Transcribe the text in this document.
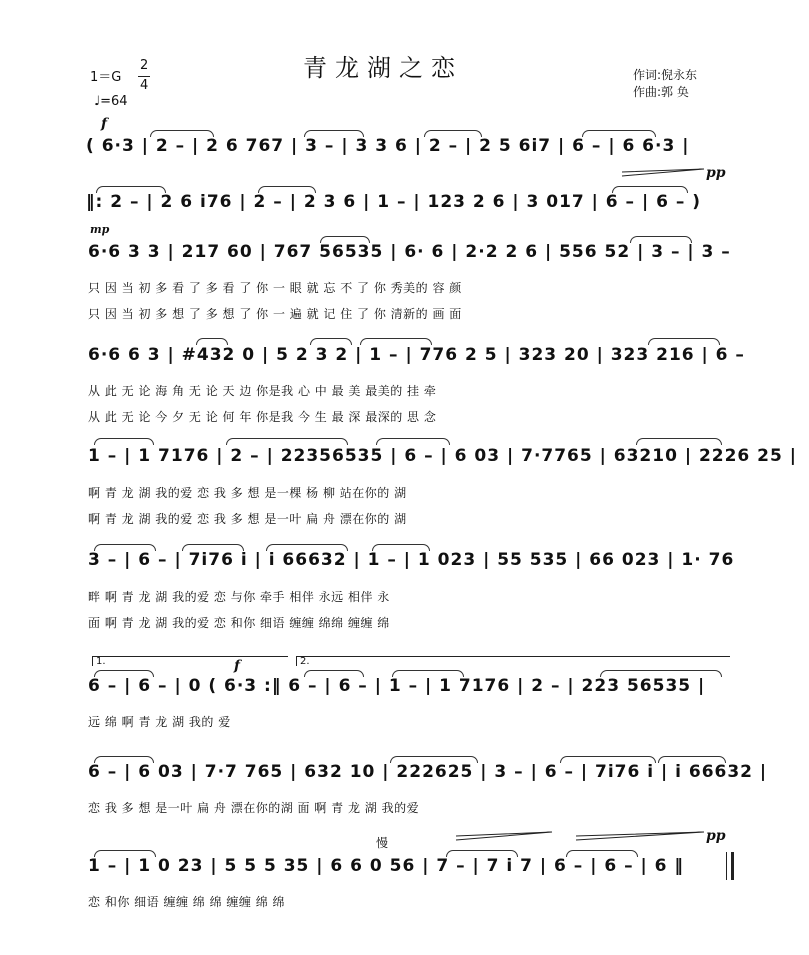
青龙湖之恋
1＝G
2
4
♩=64
作词:倪永东
作曲:郭 奂
f
pp
mp
f
慢	pp
1.	2.
( 6·3 | 2 – | 2 6 767 | 3 – | 3 3 6 | 2 – | 2 5 6i7 | 6 – | 6 6·3 |
‖: 2 – | 2 6 i76 | 2 – | 2 3 6 | 1 – | 123 2 6 | 3 017 | 6 – | 6 – )
6·6 3 3 | 217 60 | 767 56535 | 6· 6 | 2·2 2 6 | 556 52 | 3 – | 3 –
只 因 当 初 多 看 了 多 看 了 你 一 眼 就 忘 不 了 你 秀美的 容 颜
只 因 当 初 多 想 了 多 想 了 你 一 遍 就 记 住 了 你 清新的 画 面
6·6 6 3 | #432 0 | 5 2 3 2 | 1 – | 776 2 5 | 323 20 | 323 216 | 6 –
从 此 无 论 海 角 无 论 天 边 你是我 心 中 最 美 最美的 挂 牵
从 此 无 论 今 夕 无 论 何 年 你是我 今 生 最 深 最深的 思 念
1 – | 1 7176 | 2 – | 22356535 | 6 – | 6 03 | 7·7765 | 63210 | 2226 25 |
啊 青 龙 湖 我的爱 恋 我 多 想 是一棵 杨 柳 站在你的 湖
啊 青 龙 湖 我的爱 恋 我 多 想 是一叶 扁 舟 漂在你的 湖
3 – | 6 – | 7i76 i | i 66632 | 1 – | 1 023 | 55 535 | 66 023 | 1· 76
畔 啊 青 龙 湖 我的爱 恋 与你 牵手 相伴 永远 相伴 永
面 啊 青 龙 湖 我的爱 恋 和你 细语 缠缠 绵绵 缠缠 绵
6 – | 6 – | 0 ( 6·3 :‖ 6 – | 6 – | 1 – | 1 7176 | 2 – | 223 56535 |
远 绵 啊 青 龙 湖 我的 爱
6 – | 6 03 | 7·7 765 | 632 10 | 222625 | 3 – | 6 – | 7i76 i | i 66632 |
恋 我 多 想 是一叶 扁 舟 漂在你的湖 面 啊 青 龙 湖 我的爱
1 – | 1 0 23 | 5 5 5 35 | 6 6 0 56 | 7 – | 7 i 7 | 6 – | 6 – | 6 ‖
恋 和你 细语 缠缠 绵 绵 缠缠 绵 绵
